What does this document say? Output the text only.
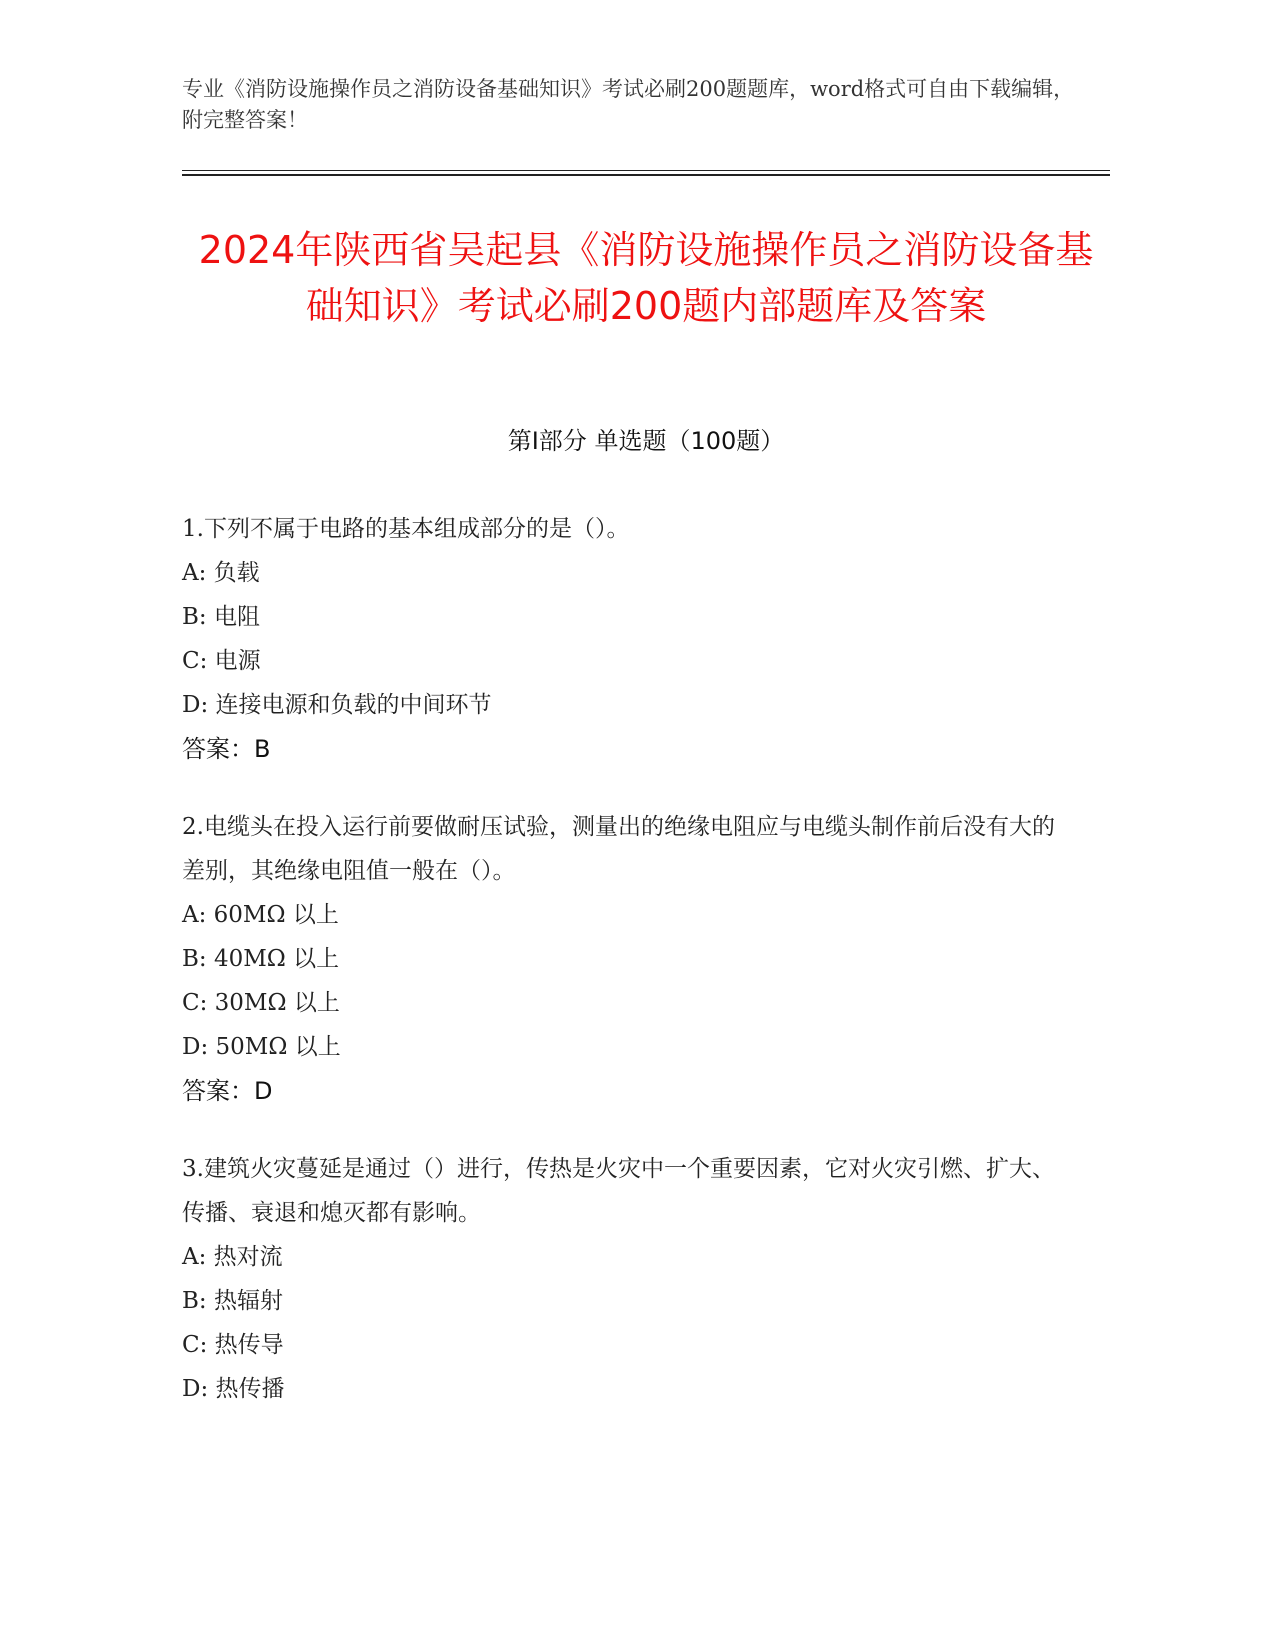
专业《消防设施操作员之消防设备基础知识》考试必刷200题题库，word格式可自由下载编辑，附完整答案！
2024年陕西省吴起县《消防设施操作员之消防设备基础知识》考试必刷200题内部题库及答案
第Ⅰ部分 单选题（100题）

1.下列不属于电路的基本组成部分的是（）。

A: 负载

B: 电阻

C: 电源

D: 连接电源和负载的中间环节

答案：B

2.电缆头在投入运行前要做耐压试验，测量出的绝缘电阻应与电缆头制作前后没有大的差别，其绝缘电阻值一般在（）。

A: 60MΩ 以上

B: 40MΩ 以上

C: 30MΩ 以上

D: 50MΩ 以上

答案：D

3.建筑火灾蔓延是通过（）进行，传热是火灾中一个重要因素，它对火灾引燃、扩大、传播、衰退和熄灭都有影响。

A: 热对流

B: 热辐射

C: 热传导

D: 热传播
